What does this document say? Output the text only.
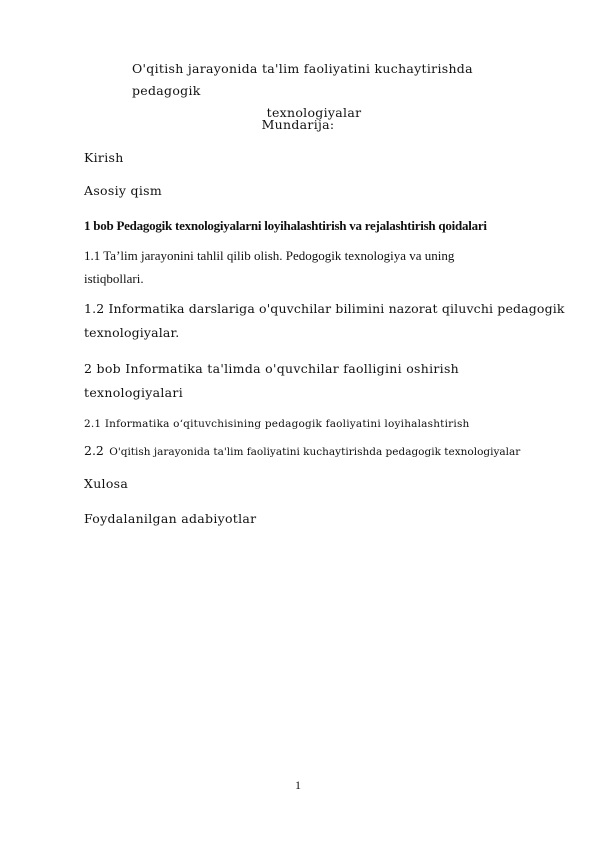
O'qitish jarayonida ta'lim faoliyatini kuchaytirishda pedagogik
texnologiyalar
Mundarija:
Kirish
Asosiy qism
1 bob Pedagogik texnologiyalarni loyihalashtirish va rejalashtirish qoidalari
1.1 Ta’lim jarayonini tahlil qilib olish. Pedogogik texnologiya va uning
istiqbollari.
1.2 Informatika darslariga o'quvchilar bilimini nazorat qiluvchi pedagogik
texnologiyalar.
2 bob Informatika ta'limda o'quvchilar faolligini oshirish
texnologiyalari
2.1 Informatika o‘qituvchisining pedagogik faoliyatini loyihalashtirish
2.2 O'qitish jarayonida ta'lim faoliyatini kuchaytirishda pedagogik texnologiyalar
Xulosa
Foydalanilgan adabiyotlar
1
